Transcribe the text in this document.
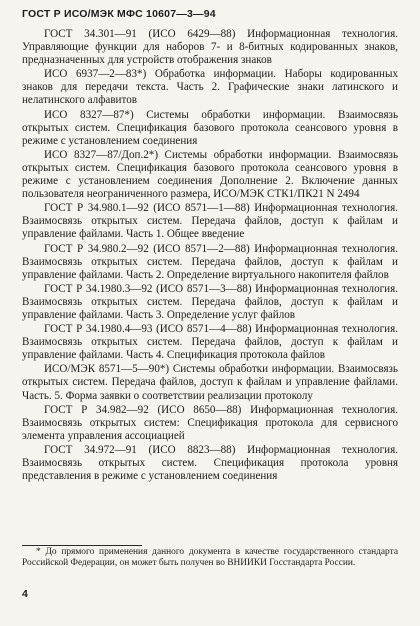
ГОСТ Р ИСО/МЭК МФС 10607—3—94

ГОСТ 34.301—91 (ИСО 6429—88) Информационная технология. Управляющие функции для наборов 7- и 8-битных кодированных знаков, предназначенных для устройств отображения знаков

ИСО 6937—2—83*) Обработка информации. Наборы кодированных знаков для передачи текста. Часть 2. Графические знаки латинского и нелатинского алфавитов

ИСО 8327—87*) Системы обработки информации. Взаимосвязь открытых систем. Спецификация базового протокола сеансового уровня в режиме с установлением соединения

ИСО 8327—87/Доп.2*) Системы обработки информации. Взаимосвязь открытых систем. Спецификация базового протокола сеансового уровня в режиме с установлением соединения Дополнение 2. Включение данных пользователя неограниченного размера, ИСО/МЭК СТК1/ПК21 N 2494

ГОСТ Р 34.980.1—92 (ИСО 8571—1—88) Информационная технология. Взаимосвязь открытых систем. Передача файлов, доступ к файлам и управление файлами. Часть 1. Общее введение

ГОСТ Р 34.980.2—92 (ИСО 8571—2—88) Информационная технология. Взаимосвязь открытых систем. Передача файлов, доступ к файлам и управление файлами. Часть 2. Определение виртуального накопителя файлов

ГОСТ Р 34.1980.3—92 (ИСО 8571—3—88) Информационная технология. Взаимосвязь открытых систем. Передача файлов, доступ к файлам и управление файлами. Часть 3. Определение услуг файлов

ГОСТ Р 34.1980.4—93 (ИСО 8571—4—88) Информационная технология. Взаимосвязь открытых систем. Передача файлов, доступ к файлам и управление файлами. Часть 4. Спецификация протокола файлов

ИСО/МЭК 8571—5—90*) Системы обработки информации. Взаимосвязь открытых систем. Передача файлов, доступ к файлам и управление файлами. Часть. 5. Форма заявки о соответствии реализации протоколу

ГОСТ Р 34.982—92 (ИСО 8650—88) Информационная технология. Взаимосвязь открытых систем: Спецификация протокола для сервисного элемента управления ассоциацией

ГОСТ 34.972—91 (ИСО 8823—88) Информационная технология. Взаимосвязь открытых систем. Спецификация протокола уровня представления в режиме с установлением соединения

* До прямого применения данного документа в качестве государственного стандарта Российской Федерации, он может быть получен во ВНИИКИ Госстандарта России.
4
